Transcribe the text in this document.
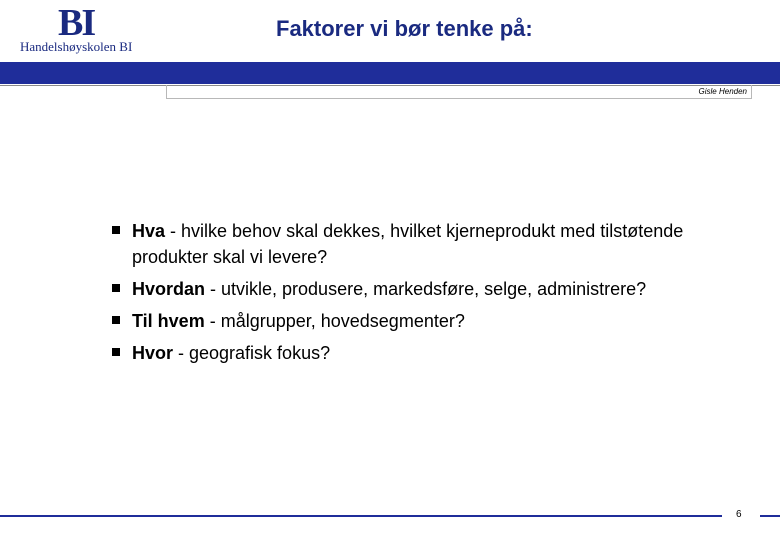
BI
Handelshøyskolen BI
Faktorer vi bør tenke på:
Gisle Henden
Hva - hvilke behov skal dekkes, hvilket kjerneprodukt med tilstøtende produkter skal vi levere?
Hvordan - utvikle, produsere, markedsføre, selge, administrere?
Til hvem - målgrupper, hovedsegmenter?
Hvor - geografisk fokus?
6
